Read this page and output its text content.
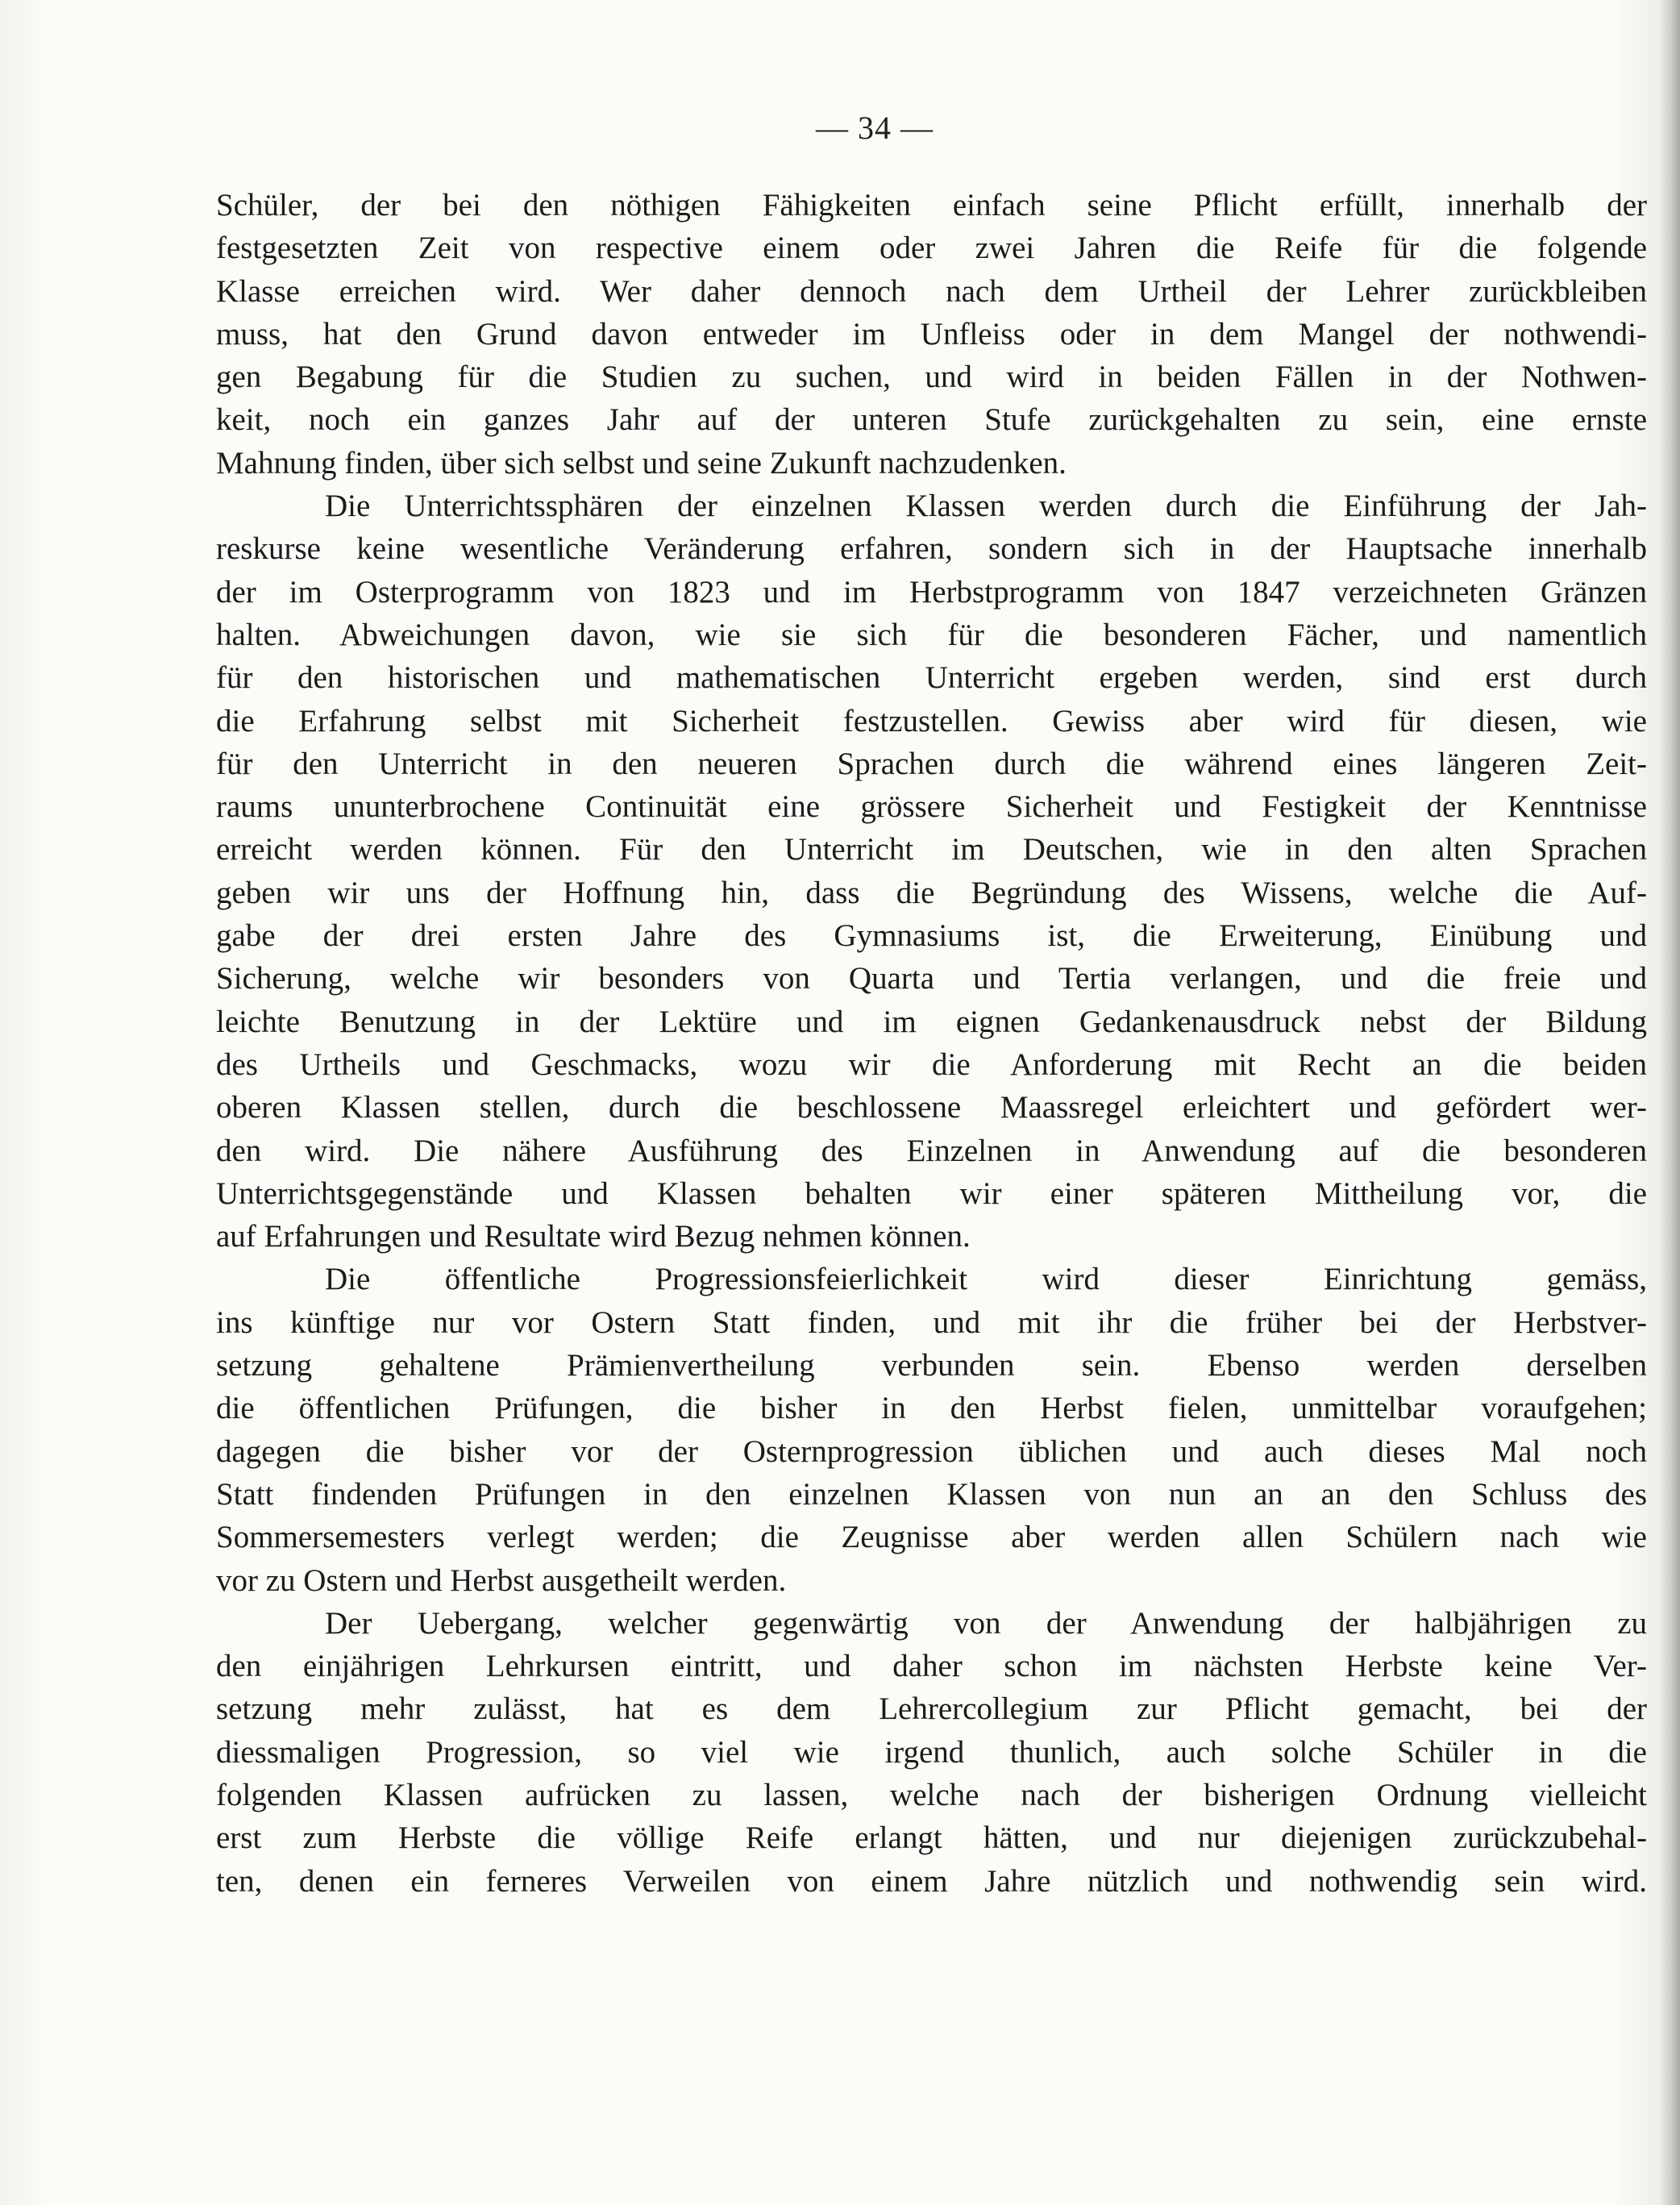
— 34 —
Schüler, der bei den nöthigen Fähigkeiten einfach seine Pflicht erfüllt, innerhalb der
festgesetzten Zeit von respective einem oder zwei Jahren die Reife für die folgende
Klasse erreichen wird. Wer daher dennoch nach dem Urtheil der Lehrer zurückbleiben
muss, hat den Grund davon entweder im Unfleiss oder in dem Mangel der nothwendi-
gen Begabung für die Studien zu suchen, und wird in beiden Fällen in der Nothwen-
keit, noch ein ganzes Jahr auf der unteren Stufe zurückgehalten zu sein, eine ernste
Mahnung finden, über sich selbst und seine Zukunft nachzudenken.
Die Unterrichtssphären der einzelnen Klassen werden durch die Einführung der Jah-
reskurse keine wesentliche Veränderung erfahren, sondern sich in der Hauptsache innerhalb
der im Osterprogramm von 1823 und im Herbstprogramm von 1847 verzeichneten Gränzen
halten. Abweichungen davon, wie sie sich für die besonderen Fächer, und namentlich
für den historischen und mathematischen Unterricht ergeben werden, sind erst durch
die Erfahrung selbst mit Sicherheit festzustellen. Gewiss aber wird für diesen, wie
für den Unterricht in den neueren Sprachen durch die während eines längeren Zeit-
raums ununterbrochene Continuität eine grössere Sicherheit und Festigkeit der Kenntnisse
erreicht werden können. Für den Unterricht im Deutschen, wie in den alten Sprachen
geben wir uns der Hoffnung hin, dass die Begründung des Wissens, welche die Auf-
gabe der drei ersten Jahre des Gymnasiums ist, die Erweiterung, Einübung und
Sicherung, welche wir besonders von Quarta und Tertia verlangen, und die freie und
leichte Benutzung in der Lektüre und im eignen Gedankenausdruck nebst der Bildung
des Urtheils und Geschmacks, wozu wir die Anforderung mit Recht an die beiden
oberen Klassen stellen, durch die beschlossene Maassregel erleichtert und gefördert wer-
den wird. Die nähere Ausführung des Einzelnen in Anwendung auf die besonderen
Unterrichtsgegenstände und Klassen behalten wir einer späteren Mittheilung vor, die
auf Erfahrungen und Resultate wird Bezug nehmen können.
Die öffentliche Progressionsfeierlichkeit wird dieser Einrichtung gemäss,
ins künftige nur vor Ostern Statt finden, und mit ihr die früher bei der Herbstver-
setzung gehaltene Prämienvertheilung verbunden sein. Ebenso werden derselben
die öffentlichen Prüfungen, die bisher in den Herbst fielen, unmittelbar voraufgehen;
dagegen die bisher vor der Osternprogression üblichen und auch dieses Mal noch
Statt findenden Prüfungen in den einzelnen Klassen von nun an an den Schluss des
Sommersemesters verlegt werden; die Zeugnisse aber werden allen Schülern nach wie
vor zu Ostern und Herbst ausgetheilt werden.
Der Uebergang, welcher gegenwärtig von der Anwendung der halbjährigen zu
den einjährigen Lehrkursen eintritt, und daher schon im nächsten Herbste keine Ver-
setzung mehr zulässt, hat es dem Lehrercollegium zur Pflicht gemacht, bei der
diessmaligen Progression, so viel wie irgend thunlich, auch solche Schüler in die
folgenden Klassen aufrücken zu lassen, welche nach der bisherigen Ordnung vielleicht
erst zum Herbste die völlige Reife erlangt hätten, und nur diejenigen zurückzubehal-
ten, denen ein ferneres Verweilen von einem Jahre nützlich und nothwendig sein wird.
